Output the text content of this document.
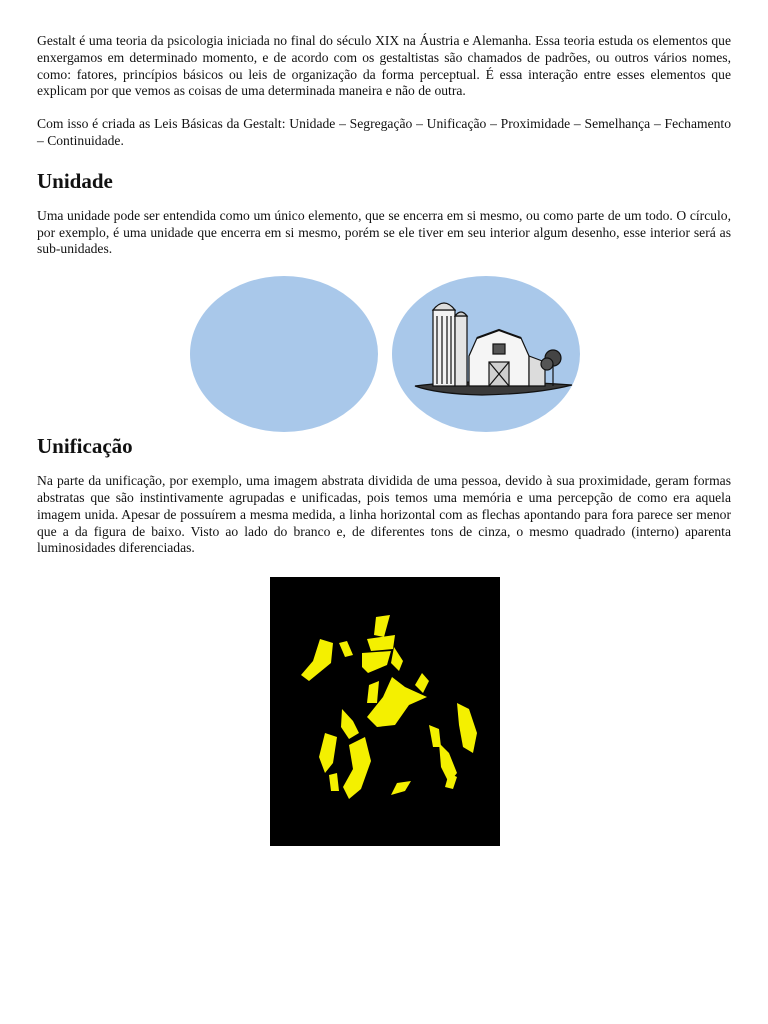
Gestalt é uma teoria da psicologia iniciada no final do século XIX na Áustria e Alemanha. Essa teoria estuda os elementos que enxergamos em determinado momento, e de acordo com os gestaltistas são chamados de padrões, ou outros vários nomes, como: fatores, princípios básicos ou leis de organização da forma perceptual. É essa interação entre esses elementos que explicam por que vemos as coisas de uma determinada maneira e não de outra.

Com isso é criada as Leis Básicas da Gestalt: Unidade – Segregação – Unificação – Proximidade – Semelhança – Fechamento – Continuidade.

Unidade

Uma unidade pode ser entendida como um único elemento, que se encerra em si mesmo, ou como parte de um todo. O círculo, por exemplo, é uma unidade que encerra em si mesmo, porém se ele tiver em seu interior algum desenho, esse interior será as sub-unidades.

Unificação

Na parte da unificação, por exemplo, uma imagem abstrata dividida de uma pessoa, devido à sua proximidade, geram formas abstratas que são instintivamente agrupadas e unificadas, pois temos uma memória e uma percepção de como era aquela imagem unida. Apesar de possuírem a mesma medida, a linha horizontal com as flechas apontando para fora parece ser menor que a da figura de baixo. Visto ao lado do branco e, de diferentes tons de cinza, o mesmo quadrado (interno) aparenta luminosidades diferenciadas.
